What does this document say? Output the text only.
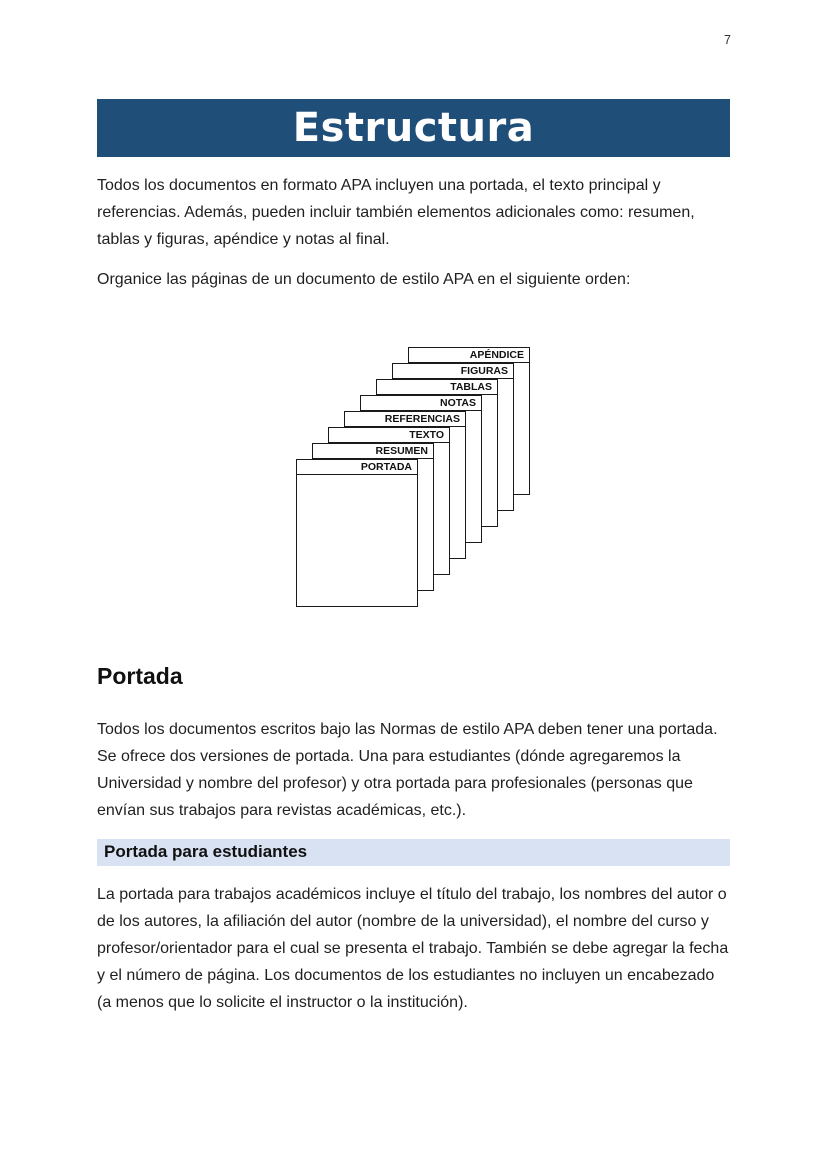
7
Estructura

Todos los documentos en formato APA incluyen una portada, el texto principal y referencias. Además, pueden incluir también elementos adicionales como: resumen, tablas y figuras, apéndice y notas al final.

Organice las páginas de un documento de estilo APA en el siguiente orden:

APÉNDICE
FIGURAS
TABLAS
NOTAS
REFERENCIAS
TEXTO
RESUMEN
PORTADA
Portada

Todos los documentos escritos bajo las Normas de estilo APA deben tener una portada. Se ofrece dos versiones de portada. Una para estudiantes (dónde agregaremos la Universidad y nombre del profesor) y otra portada para profesionales (personas que envían sus trabajos para revistas académicas, etc.).

Portada para estudiantes

La portada para trabajos académicos incluye el título del trabajo, los nombres del autor o de los autores, la afiliación del autor (nombre de la universidad), el nombre del curso y profesor/orientador para el cual se presenta el trabajo. También se debe agregar la fecha y el número de página. Los documentos de los estudiantes no incluyen un encabezado (a menos que lo solicite el instructor o la institución).
